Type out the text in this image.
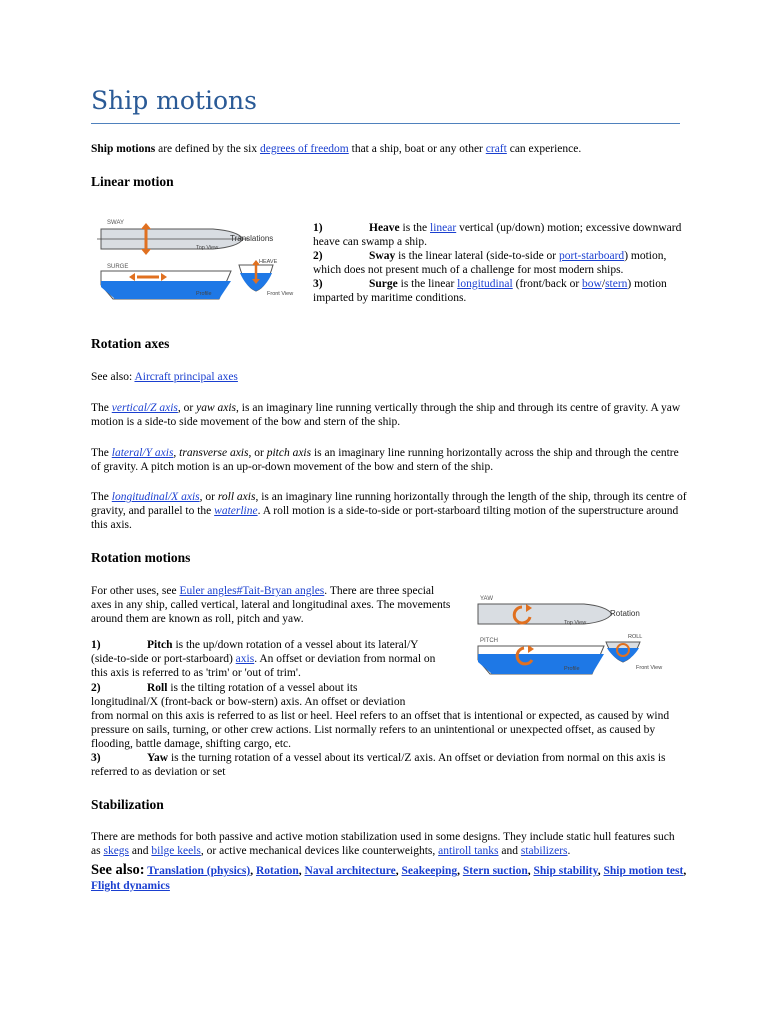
Ship motions

Ship motions are defined by the six degrees of freedom that a ship, boat or any other craft can experience.

Linear motion
SWAY
Top View
SURGE
Profile
Translations
HEAVE
Front View

1)	Heave is the linear vertical (up/down) motion; excessive downward heave can swamp a ship.

2)	Sway is the linear lateral (side-to-side or port-starboard) motion, which does not present much of a challenge for most modern ships.

3)	Surge is the linear longitudinal (front/back or bow/stern) motion imparted by maritime conditions.

Rotation axes

See also: Aircraft principal axes

The vertical/Z axis, or yaw axis, is an imaginary line running vertically through the ship and through its centre of gravity. A yaw motion is a side-to side movement of the bow and stern of the ship.

The lateral/Y axis, transverse axis, or pitch axis is an imaginary line running horizontally across the ship and through the centre of gravity. A pitch motion is an up-or-down movement of the bow and stern of the ship.

The longitudinal/X axis, or roll axis, is an imaginary line running horizontally through the length of the ship, through its centre of gravity, and parallel to the waterline. A roll motion is a side-to-side or port-starboard tilting motion of the superstructure around this axis.

Rotation motions

For other uses, see Euler angles#Tait-Bryan angles. There are three special axes in any ship, called vertical, lateral and longitudinal axes. The movements around them are known as roll, pitch and yaw.

YAW
Top View
PITCH
Profile
Rotation
ROLL
Front View

1)	Pitch is the up/down rotation of a vessel about its lateral/Y (side-to-side or port-starboard) axis. An offset or deviation from normal on this axis is referred to as 'trim' or 'out of trim'.

2)	Roll is the tilting rotation of a vessel about its

longitudinal/X (front-back or bow-stern) axis. An offset or deviation

from normal on this axis is referred to as list or heel. Heel refers to an offset that is intentional or expected, as caused by wind pressure on sails, turning, or other crew actions. List normally refers to an unintentional or unexpected offset, as caused by flooding, battle damage, shifting cargo, etc.

3)	Yaw is the turning rotation of a vessel about its vertical/Z axis. An offset or deviation from normal on this axis is referred to as deviation or set

Stabilization

There are methods for both passive and active motion stabilization used in some designs. They include static hull features such as skegs and bilge keels, or active mechanical devices like counterweights, antiroll tanks and stabilizers.

See also: Translation (physics), Rotation, Naval architecture, Seakeeping, Stern suction, Ship stability, Ship motion test, Flight dynamics
